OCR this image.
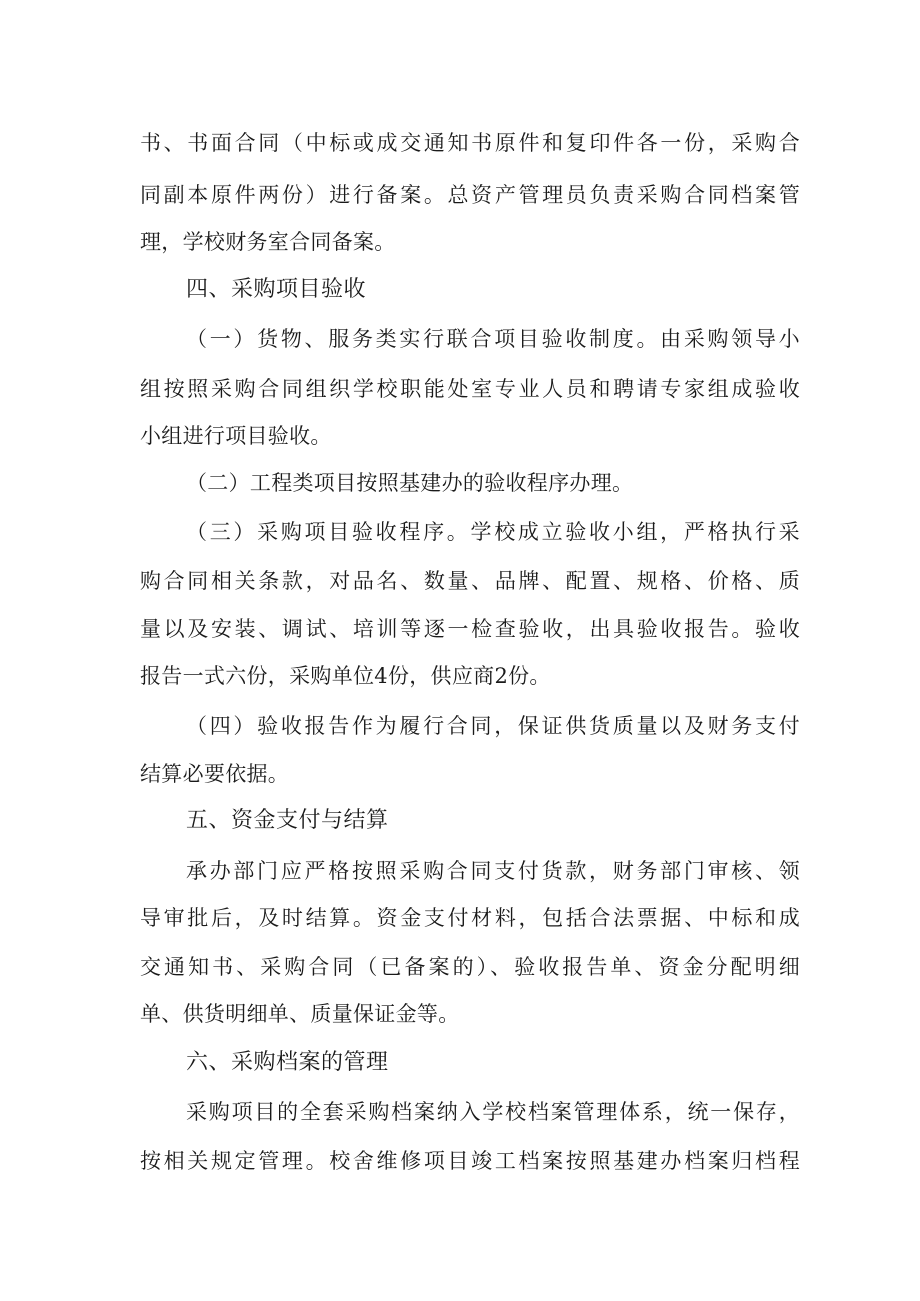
书、书面合同（中标或成交通知书原件和复印件各一份，采购合
同副本原件两份）进行备案。总资产管理员负责采购合同档案管
理，学校财务室合同备案。
四、采购项目验收
（一）货物、服务类实行联合项目验收制度。由采购领导小
组按照采购合同组织学校职能处室专业人员和聘请专家组成验收
小组进行项目验收。
（二）工程类项目按照基建办的验收程序办理。
（三）采购项目验收程序。学校成立验收小组，严格执行采
购合同相关条款，对品名、数量、品牌、配置、规格、价格、质
量以及安装、调试、培训等逐一检查验收，出具验收报告。验收
报告一式六份，采购单位4份，供应商2份。
（四）验收报告作为履行合同，保证供货质量以及财务支付
结算必要依据。
五、资金支付与结算
承办部门应严格按照采购合同支付货款，财务部门审核、领
导审批后，及时结算。资金支付材料，包括合法票据、中标和成
交通知书、采购合同（已备案的）、验收报告单、资金分配明细
单、供货明细单、质量保证金等。
六、采购档案的管理
采购项目的全套采购档案纳入学校档案管理体系，统一保存，
按相关规定管理。校舍维修项目竣工档案按照基建办档案归档程
